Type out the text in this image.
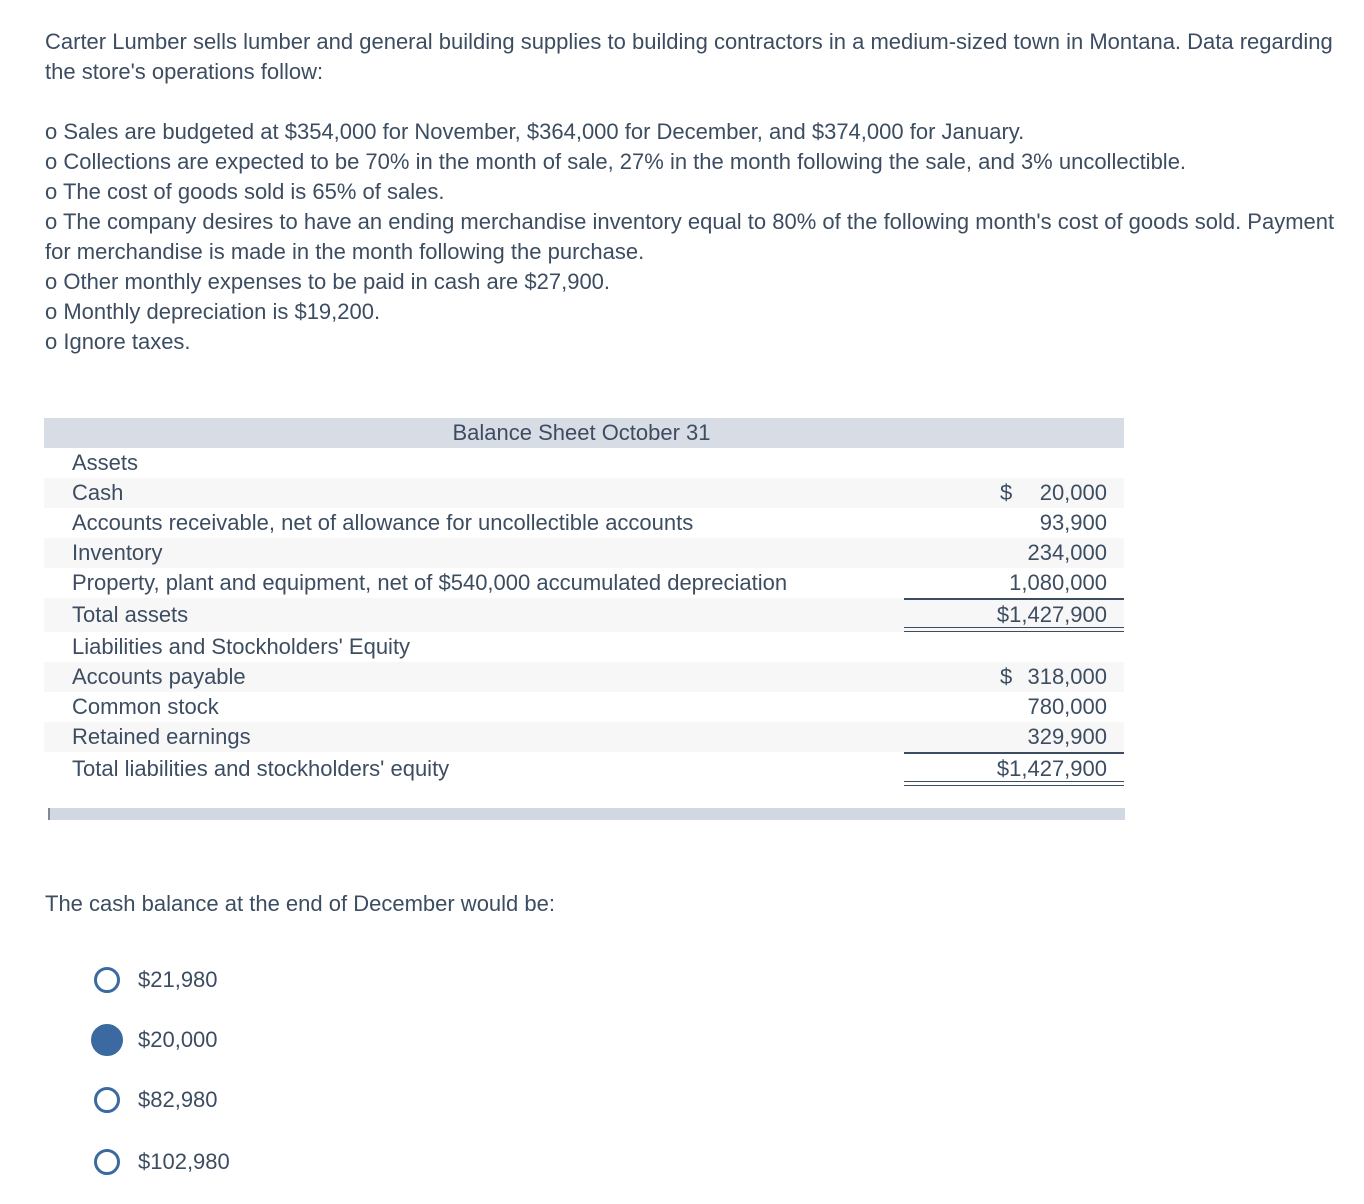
Carter Lumber sells lumber and general building supplies to building contractors in a medium-sized town in Montana. Data regarding the store's operations follow:

o Sales are budgeted at $354,000 for November, $364,000 for December, and $374,000 for January.
o Collections are expected to be 70% in the month of sale, 27% in the month following the sale, and 3% uncollectible.
o The cost of goods sold is 65% of sales.
o The company desires to have an ending merchandise inventory equal to 80% of the following month's cost of goods sold. Payment for merchandise is made in the month following the purchase.
o Other monthly expenses to be paid in cash are $27,900.
o Monthly depreciation is $19,200.
o Ignore taxes.
Balance Sheet October 31
Assets
Cash	$ 20,000
Accounts receivable, net of allowance for uncollectible accounts	93,900
Inventory	234,000
Property, plant and equipment, net of $540,000 accumulated depreciation	1,080,000
Total assets	$1,427,900
Liabilities and Stockholders' Equity
Accounts payable	$ 318,000
Common stock	780,000
Retained earnings	329,900
Total liabilities and stockholders' equity	$1,427,900

The cash balance at the end of December would be:

$21,980
$20,000
$82,980
$102,980
